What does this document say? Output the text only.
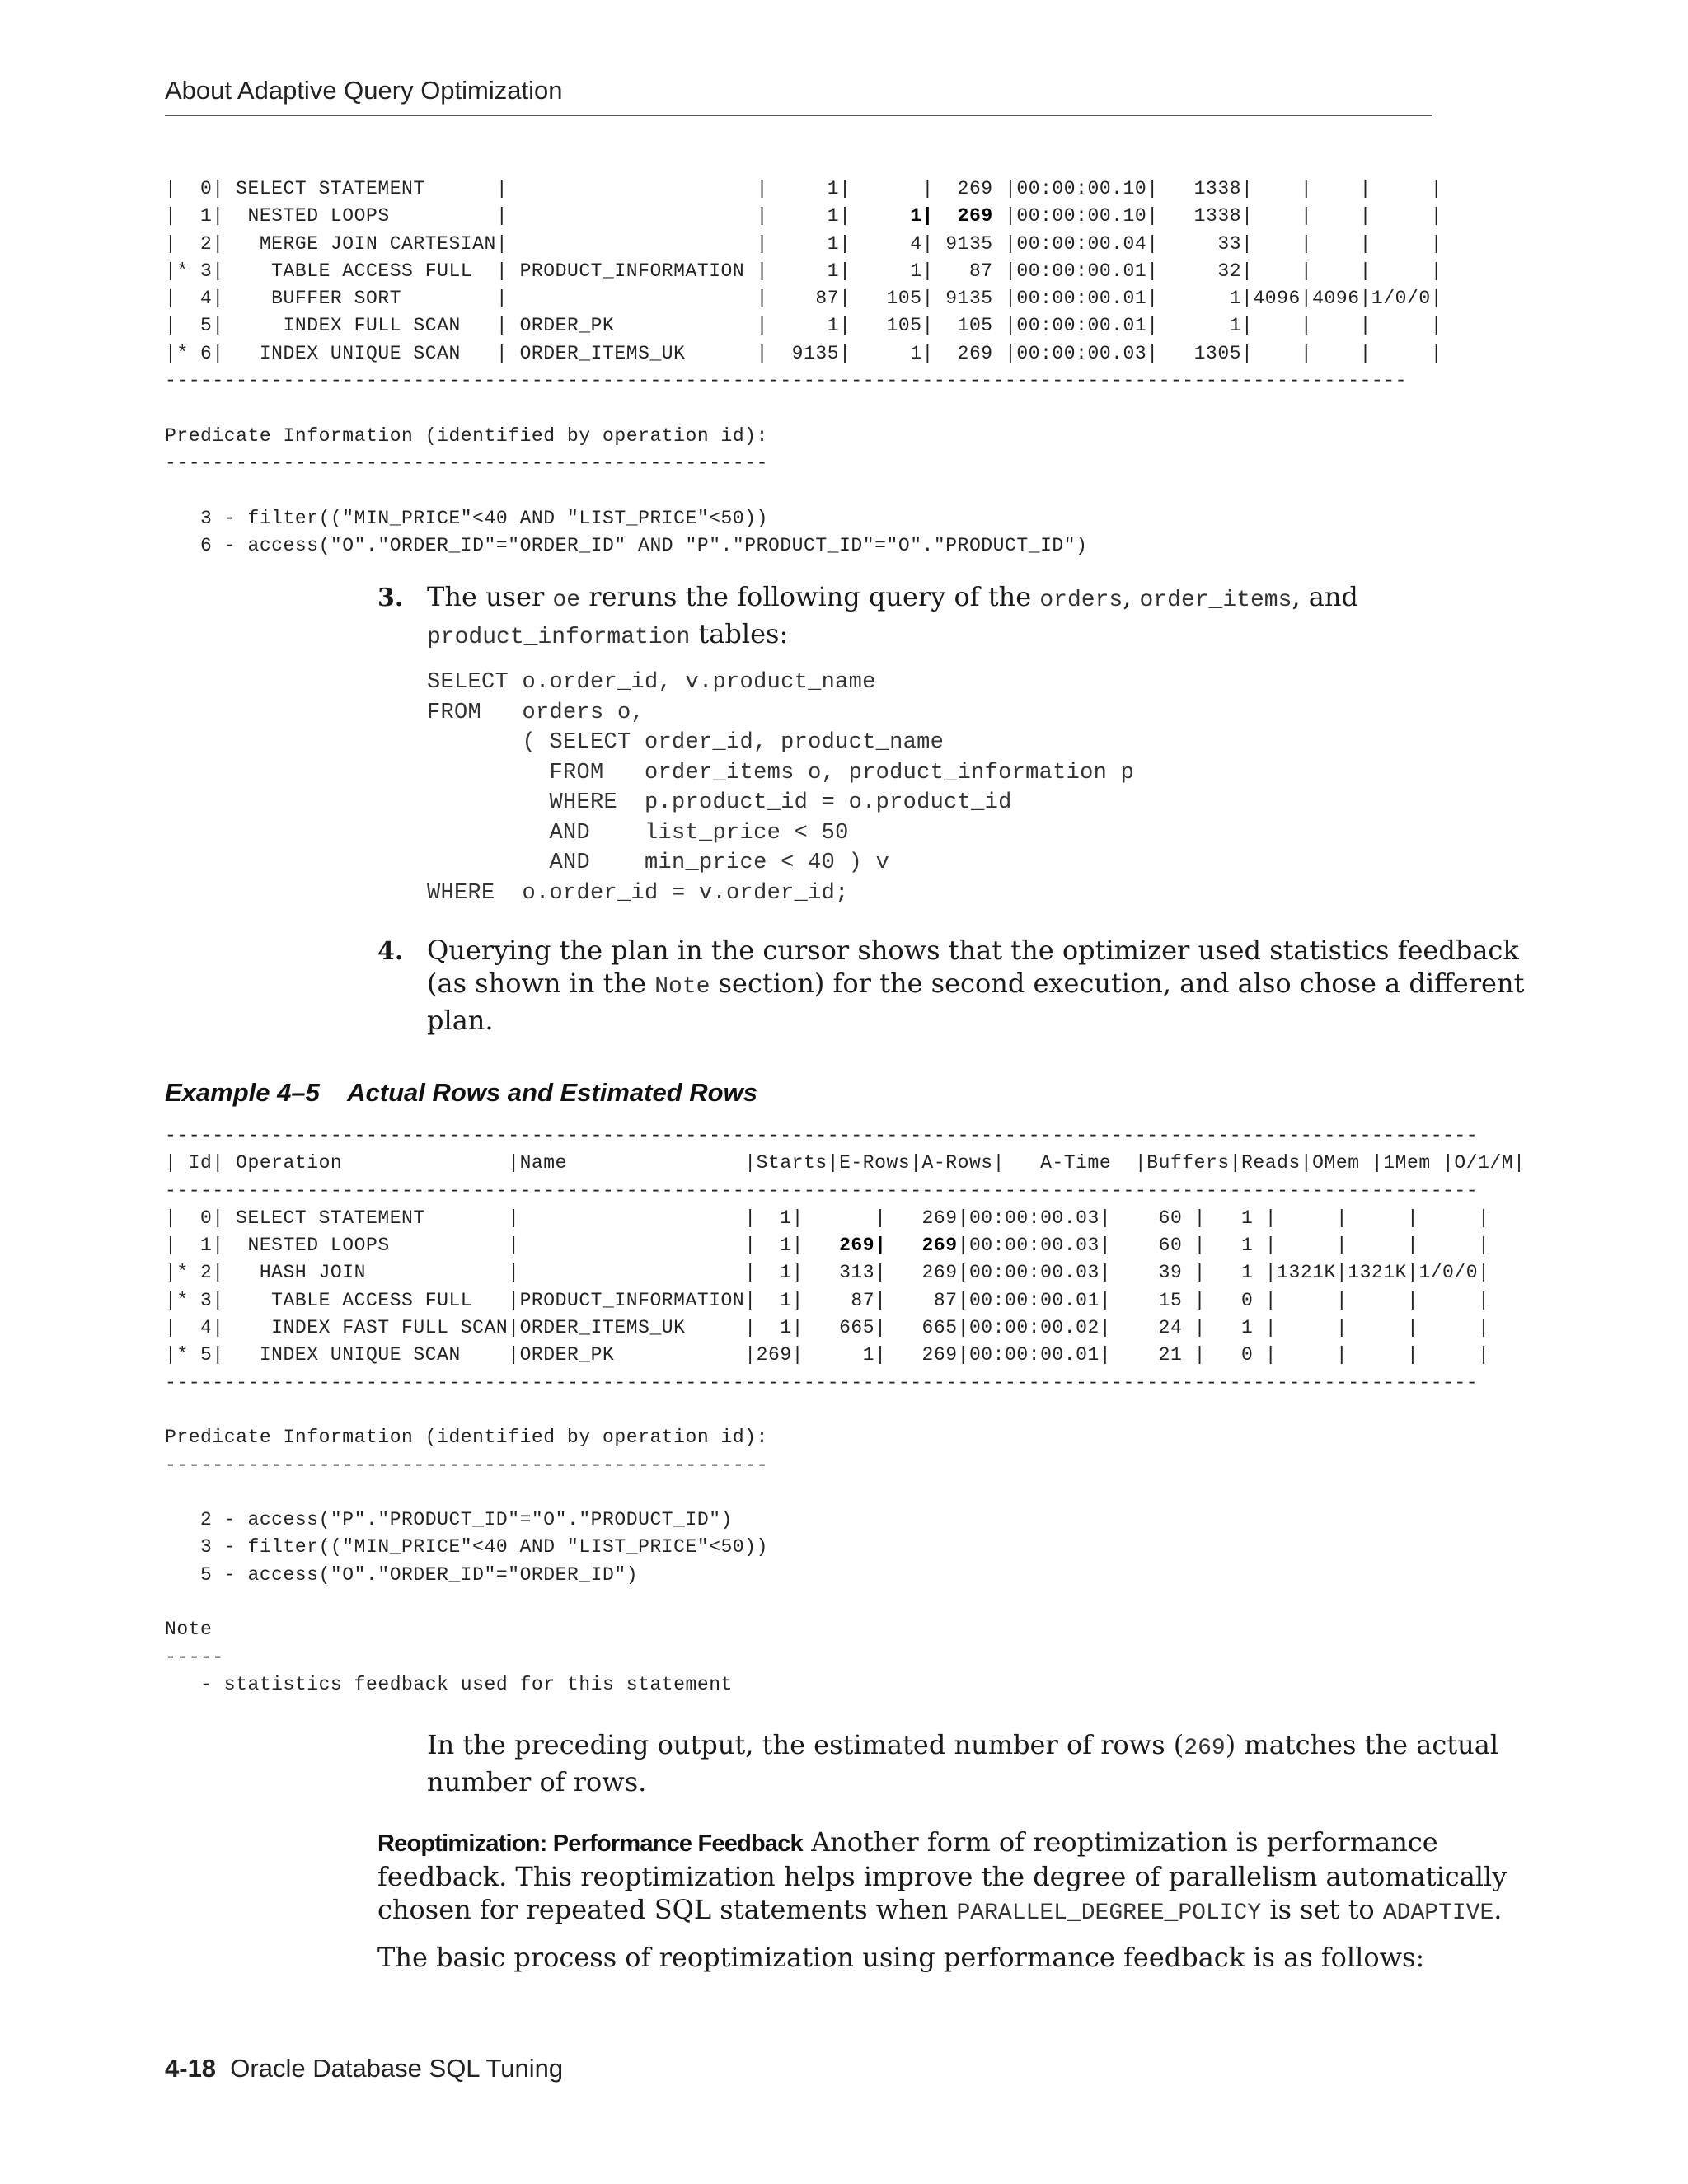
About Adaptive Query Optimization
|  0| SELECT STATEMENT      |                     |     1|      |  269 |00:00:00.10|   1338|    |    |     |
|  1|  NESTED LOOPS         |                     |     1|     1|  269 |00:00:00.10|   1338|    |    |     |
|  2|   MERGE JOIN CARTESIAN|                     |     1|     4| 9135 |00:00:00.04|     33|    |    |     |
|* 3|    TABLE ACCESS FULL  | PRODUCT_INFORMATION |     1|     1|   87 |00:00:00.01|     32|    |    |     |
|  4|    BUFFER SORT        |                     |    87|   105| 9135 |00:00:00.01|      1|4096|4096|1/0/0|
|  5|     INDEX FULL SCAN   | ORDER_PK            |     1|   105|  105 |00:00:00.01|      1|    |    |     |
|* 6|   INDEX UNIQUE SCAN   | ORDER_ITEMS_UK      |  9135|     1|  269 |00:00:00.03|   1305|    |    |     |
---------------------------------------------------------------------------------------------------------

Predicate Information (identified by operation id):
---------------------------------------------------

3 - filter(("MIN_PRICE"<40 AND "LIST_PRICE"<50))
6 - access("O"."ORDER_ID"="ORDER_ID" AND "P"."PRODUCT_ID"="O"."PRODUCT_ID")
3. The user oe reruns the following query of the orders, order_items, and
product_information tables:

SELECT o.order_id, v.product_name
FROM   orders o,
( SELECT order_id, product_name
FROM   order_items o, product_information p
WHERE  p.product_id = o.product_id
AND    list_price < 50
AND    min_price < 40 ) v
WHERE  o.order_id = v.order_id;
4. Querying the plan in the cursor shows that the optimizer used statistics feedback
(as shown in the Note section) for the second execution, and also chose a different
plan.

Example 4–5    Actual Rows and Estimated Rows
---------------------------------------------------------------------------------------------------------------
| Id| Operation              |Name               |Starts|E-Rows|A-Rows|   A-Time  |Buffers|Reads|OMem |1Mem |O/1/M|
---------------------------------------------------------------------------------------------------------------
|  0| SELECT STATEMENT       |                   |  1|      |   269|00:00:00.03|    60 |   1 |     |     |     |
|  1|  NESTED LOOPS          |                   |  1|   269|   269|00:00:00.03|    60 |   1 |     |     |     |
|* 2|   HASH JOIN            |                   |  1|   313|   269|00:00:00.03|    39 |   1 |1321K|1321K|1/0/0|
|* 3|    TABLE ACCESS FULL   |PRODUCT_INFORMATION|  1|    87|    87|00:00:00.01|    15 |   0 |     |     |     |
|  4|    INDEX FAST FULL SCAN|ORDER_ITEMS_UK     |  1|   665|   665|00:00:00.02|    24 |   1 |     |     |     |
|* 5|   INDEX UNIQUE SCAN    |ORDER_PK           |269|     1|   269|00:00:00.01|    21 |   0 |     |     |     |
---------------------------------------------------------------------------------------------------------------

Predicate Information (identified by operation id):
---------------------------------------------------

2 - access("P"."PRODUCT_ID"="O"."PRODUCT_ID")
3 - filter(("MIN_PRICE"<40 AND "LIST_PRICE"<50))
5 - access("O"."ORDER_ID"="ORDER_ID")

Note
-----
- statistics feedback used for this statement

In the preceding output, the estimated number of rows (269) matches the actual
number of rows.

Reoptimization: Performance Feedback Another form of reoptimization is performance
feedback. This reoptimization helps improve the degree of parallelism automatically
chosen for repeated SQL statements when PARALLEL_DEGREE_POLICY is set to ADAPTIVE.

The basic process of reoptimization using performance feedback is as follows:

4-18 Oracle Database SQL Tuning
